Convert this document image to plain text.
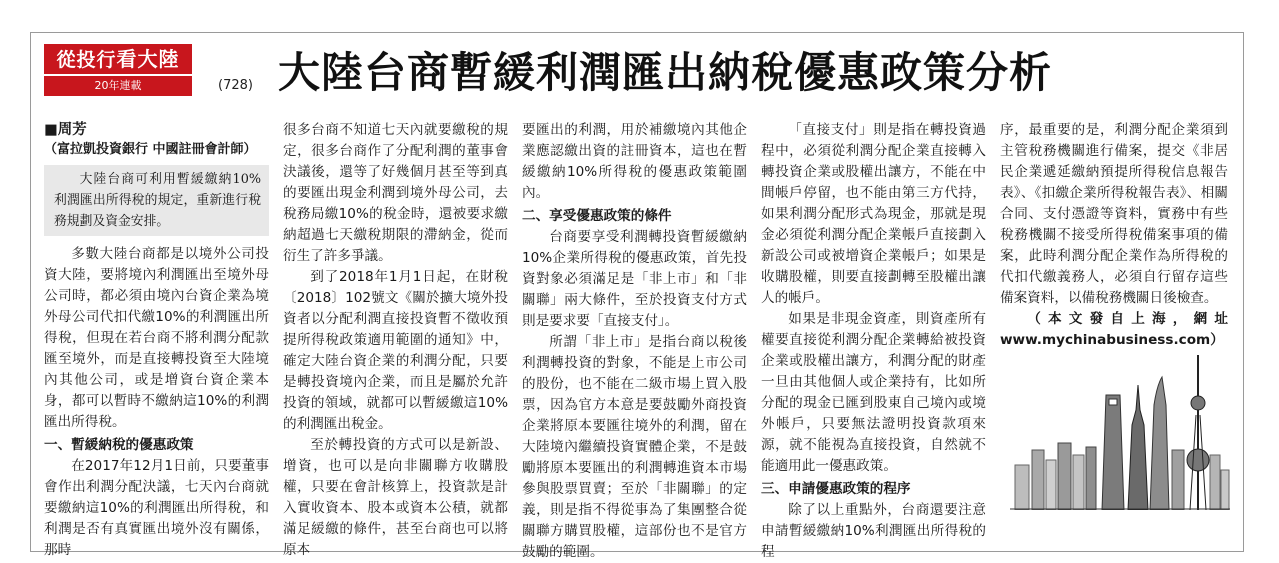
從投行看大陸
20年連載	(728) 大陸台商暫緩利潤匯出納稅優惠政策分析
■周芳
（富拉凱投資銀行 中國註冊會計師）

大陸台商可利用暫緩繳納10%利潤匯出所得稅的規定，重新進行稅務規劃及資金安排。

多數大陸台商都是以境外公司投資大陸，要將境內利潤匯出至境外母公司時，都必須由境內台資企業為境外母公司代扣代繳10%的利潤匯出所得稅，但現在若台商不將利潤分配款匯至境外，而是直接轉投資至大陸境內其他公司，或是增資台資企業本身，都可以暫時不繳納這10%的利潤匯出所得稅。

一、暫緩納稅的優惠政策

在2017年12月1日前，只要董事會作出利潤分配決議，七天內台商就要繳納這10%的利潤匯出所得稅，和利潤是否有真實匯出境外沒有關係，那時

很多台商不知道七天內就要繳稅的規定，很多台商作了分配利潤的董事會決議後，還等了好幾個月甚至等到真的要匯出現金利潤到境外母公司，去稅務局繳10%的稅金時，還被要求繳納超過七天繳稅期限的滯納金，從而衍生了許多爭議。

到了2018年1月1日起，在財稅〔2018〕102號文《關於擴大境外投資者以分配利潤直接投資暫不徵收預提所得稅政策適用範圍的通知》中，確定大陸台資企業的利潤分配，只要是轉投資境內企業，而且是屬於允許投資的領域，就都可以暫緩繳這10%的利潤匯出稅金。

至於轉投資的方式可以是新設、增資，也可以是向非關聯方收購股權，只要在會計核算上，投資款是計入實收資本、股本或資本公積，就都滿足緩繳的條件，甚至台商也可以將原本

要匯出的利潤，用於補繳境內其他企業應認繳出資的註冊資本，這也在暫緩繳納10%所得稅的優惠政策範圍內。

二、享受優惠政策的條件

台商要享受利潤轉投資暫緩繳納10%企業所得稅的優惠政策，首先投資對象必須滿足是「非上市」和「非關聯」兩大條件，至於投資支付方式則是要求要「直接支付」。

所謂「非上市」是指台商以稅後利潤轉投資的對象，不能是上市公司的股份，也不能在二級市場上買入股票，因為官方本意是要鼓勵外商投資企業將原本要匯往境外的利潤，留在大陸境內繼續投資實體企業，不是鼓勵將原本要匯出的利潤轉進資本市場參與股票買賣；至於「非關聯」的定義，則是指不得從事為了集團整合從關聯方購買股權，這部份也不是官方鼓勵的範圍。

「直接支付」則是指在轉投資過程中，必須從利潤分配企業直接轉入轉投資企業或股權出讓方，不能在中間帳戶停留，也不能由第三方代持，如果利潤分配形式為現金，那就是現金必須從利潤分配企業帳戶直接劃入新設公司或被增資企業帳戶；如果是收購股權，則要直接劃轉至股權出讓人的帳戶。

如果是非現金資產，則資產所有權要直接從利潤分配企業轉給被投資企業或股權出讓方，利潤分配的財產一旦由其他個人或企業持有，比如所分配的現金已匯到股東自己境內或境外帳戶，只要無法證明投資款項來源，就不能視為直接投資，自然就不能適用此一優惠政策。

三、申請優惠政策的程序

除了以上重點外，台商還要注意申請暫緩繳納10%利潤匯出所得稅的程

序，最重要的是，利潤分配企業須到主管稅務機關進行備案，提交《非居民企業遞延繳納預提所得稅信息報告表》、《扣繳企業所得稅報告表》、相關合同、支付憑證等資料，實務中有些稅務機關不接受所得稅備案事項的備案，此時利潤分配企業作為所得稅的代扣代繳義務人，必須自行留存這些備案資料，以備稅務機關日後檢查。

（本文發自上海，網址www.mychinabusiness.com）
